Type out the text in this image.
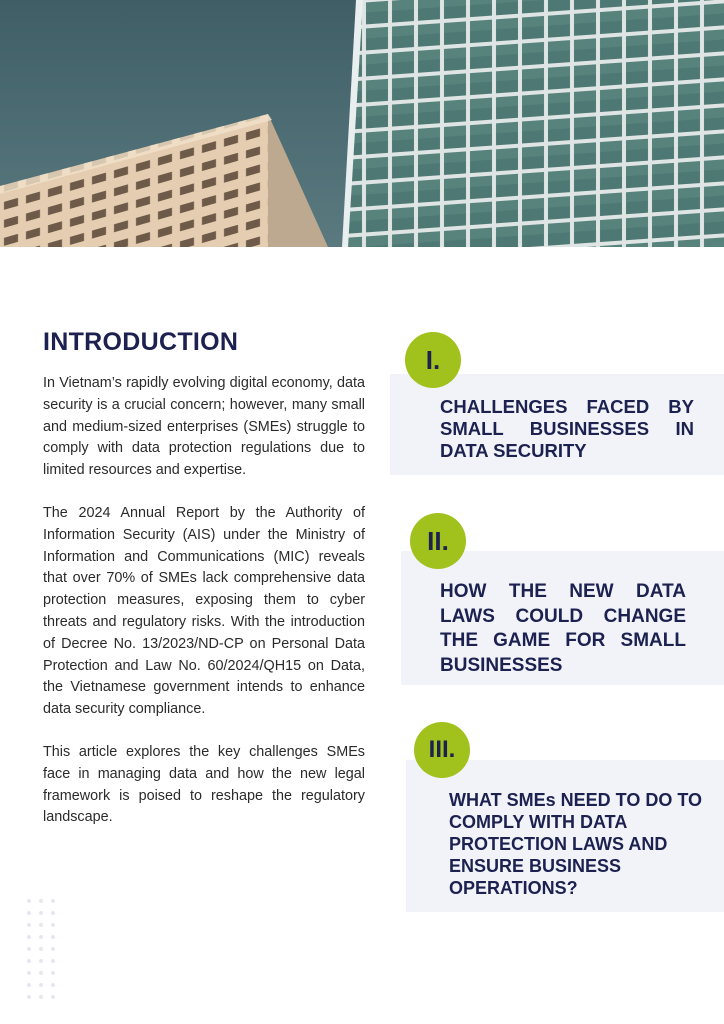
INTRODUCTION

In Vietnam’s rapidly evolving digital economy, data security is a crucial concern; however, many small and medium-sized enterprises (SMEs) struggle to comply with data protection regulations due to limited resources and expertise.

The 2024 Annual Report by the Authority of Information Security (AIS) under the Ministry of Information and Communications (MIC) reveals that over 70% of SMEs lack comprehensive data protection measures, exposing them to cyber threats and regulatory risks. With the introduction of Decree No. 13/2023/ND-CP on Personal Data Protection and Law No. 60/2024/QH15 on Data, the Vietnamese government intends to enhance data security compliance.

This article explores the key challenges SMEs face in managing data and how the new legal framework is poised to reshape the regulatory landscape.

CHALLENGES FACED BY SMALL BUSINESSES IN DATA SECURITY
I.
HOW THE NEW DATA LAWS COULD CHANGE THE GAME FOR SMALL BUSINESSES
II.
WHAT SMEs NEED TO DO TO COMPLY WITH DATA PROTECTION LAWS AND ENSURE BUSINESS OPERATIONS?
III.
